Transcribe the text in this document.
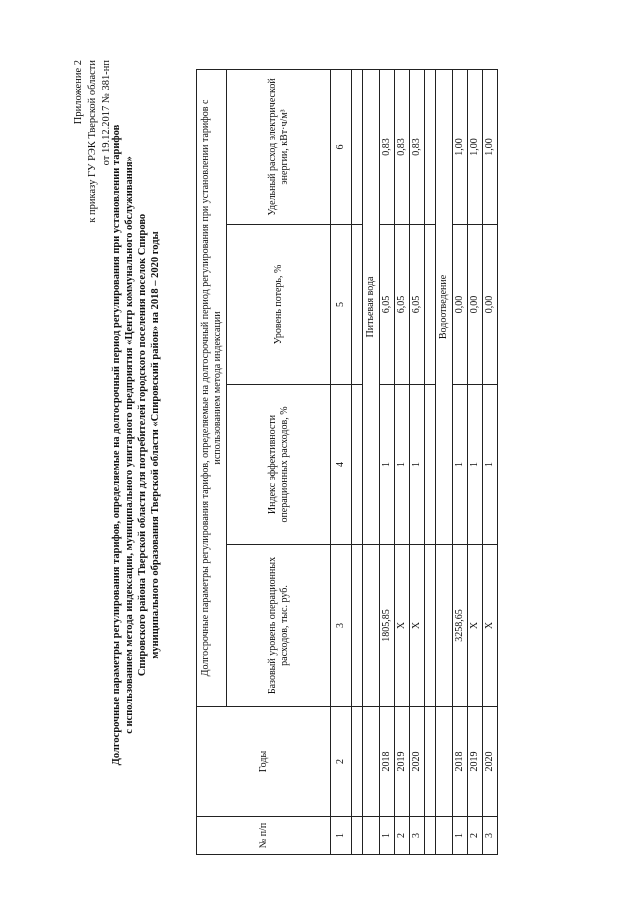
Приложение 2 к приказу ГУ РЭК Тверской области от 19.12.2017 № 381-нп
Долгосрочные параметры регулирования тарифов, определяемые на долгосрочный период регулирования при установлении тарифов с использованием метода индексации, муниципального унитарного предприятия «Центр коммунального обслуживания» Спировского района Тверской области для потребителей городского поселения поселок Спирово муниципального образования Тверской области «Спировский район» на 2018 – 2020 годы
№ п/п	Годы	Долгосрочные параметры регулирования тарифов, определяемые на долгосрочный период регулирования при установлении тарифов с использованием метода индексации			
		Базовый уровень операционных расходов, тыс. руб.	Индекс эффективности операционных расходов, %	Уровень потерь, %	Удельный расход электрической энергии, кВт·ч/м³
1	2	3	4	5	6

			Питьевая вода		
1	2018	1805,85	1	6,05	0,83
2	2019	X	1	6,05	0,83
3	2020	X	1	6,05	0,83

			Водоотведение		
1	2018	3258,65	1	0,00	1,00
2	2019	X	1	0,00	1,00
3	2020	X	1	0,00	1,00
